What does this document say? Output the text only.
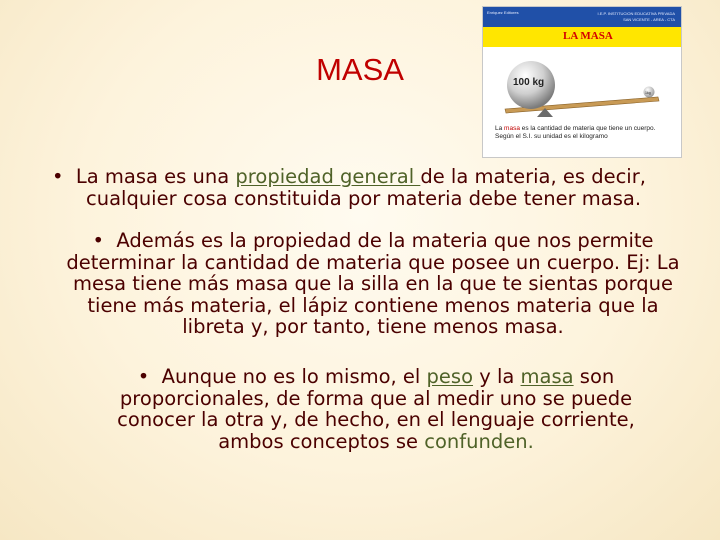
MASA
Enriquez Editores	I.E.P. INSTITUCION EDUCATIVA PRIVADA SAN VICENTE - AREA - CTA
LA MASA
100 kg
1kg
La masa es la cantidad de materia que tiene un cuerpo. Según el S.I. su unidad es el kilogramo

• La masa es una propiedad general de la materia, es decir, cualquier cosa constituida por materia debe tener masa.

• Además es la propiedad de la materia que nos permite determinar la cantidad de materia que posee un cuerpo. Ej: La mesa tiene más masa que la silla en la que te sientas porque tiene más materia, el lápiz contiene menos materia que la libreta y, por tanto, tiene menos masa.

• Aunque no es lo mismo, el peso y la masa son proporcionales, de forma que al medir uno se puede conocer la otra y, de hecho, en el lenguaje corriente, ambos conceptos se confunden.
